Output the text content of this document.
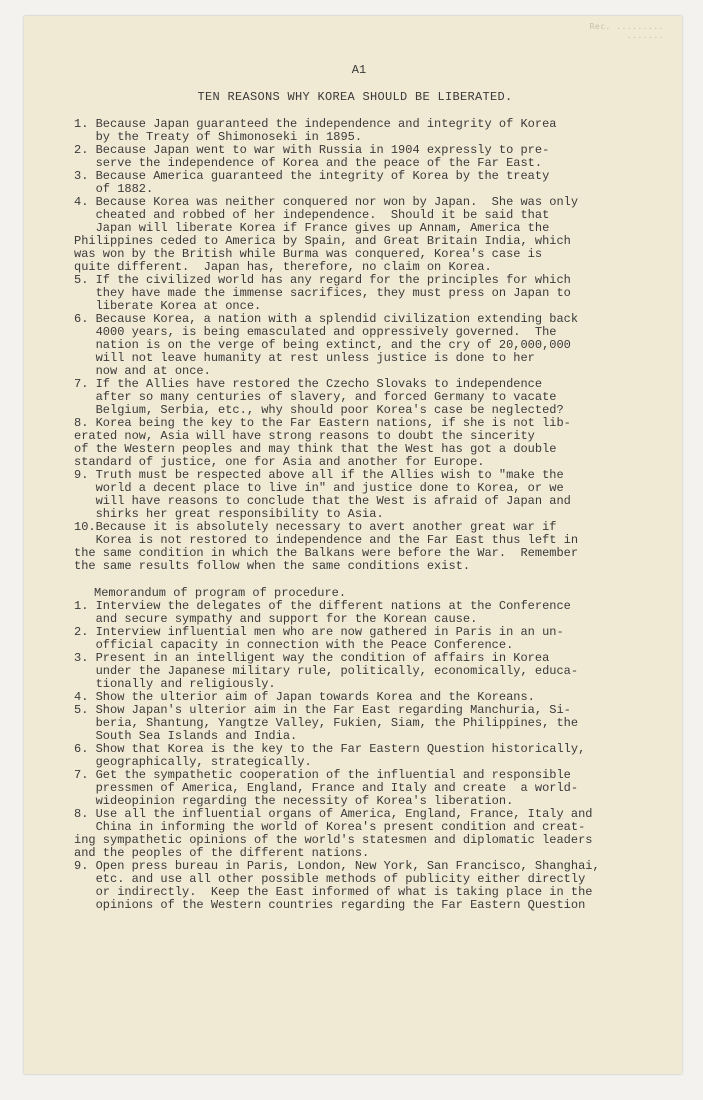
Rec. .........
.......
A1
TEN REASONS WHY KOREA SHOULD BE LIBERATED.
1. Because Japan guaranteed the independence and integrity of Korea
by the Treaty of Shimonoseki in 1895.
2. Because Japan went to war with Russia in 1904 expressly to pre-
serve the independence of Korea and the peace of the Far East.
3. Because America guaranteed the integrity of Korea by the treaty
of 1882.
4. Because Korea was neither conquered nor won by Japan.  She was only
cheated and robbed of her independence.  Should it be said that
Japan will liberate Korea if France gives up Annam, America the
Philippines ceded to America by Spain, and Great Britain India, which
was won by the British while Burma was conquered, Korea's case is
quite different.  Japan has, therefore, no claim on Korea.
5. If the civilized world has any regard for the principles for which
they have made the immense sacrifices, they must press on Japan to
liberate Korea at once.
6. Because Korea, a nation with a splendid civilization extending back
4000 years, is being emasculated and oppressively governed.  The
nation is on the verge of being extinct, and the cry of 20,000,000
will not leave humanity at rest unless justice is done to her
now and at once.
7. If the Allies have restored the Czecho Slovaks to independence
after so many centuries of slavery, and forced Germany to vacate
Belgium, Serbia, etc., why should poor Korea's case be neglected?
8. Korea being the key to the Far Eastern nations, if she is not lib-
erated now, Asia will have strong reasons to doubt the sincerity
of the Western peoples and may think that the West has got a double
standard of justice, one for Asia and another for Europe.
9. Truth must be respected above all if the Allies wish to "make the
world a decent place to live in" and justice done to Korea, or we
will have reasons to conclude that the West is afraid of Japan and
shirks her great responsibility to Asia.
10.Because it is absolutely necessary to avert another great war if
Korea is not restored to independence and the Far East thus left in
the same condition in which the Balkans were before the War.  Remember
the same results follow when the same conditions exist.
Memorandum of program of procedure.
1. Interview the delegates of the different nations at the Conference
and secure sympathy and support for the Korean cause.
2. Interview influential men who are now gathered in Paris in an un-
official capacity in connection with the Peace Conference.
3. Present in an intelligent way the condition of affairs in Korea
under the Japanese military rule, politically, economically, educa-
tionally and religiously.
4. Show the ulterior aim of Japan towards Korea and the Koreans.
5. Show Japan's ulterior aim in the Far East regarding Manchuria, Si-
beria, Shantung, Yangtze Valley, Fukien, Siam, the Philippines, the
South Sea Islands and India.
6. Show that Korea is the key to the Far Eastern Question historically,
geographically, strategically.
7. Get the sympathetic cooperation of the influential and responsible
pressmen of America, England, France and Italy and create  a world-
wideopinion regarding the necessity of Korea's liberation.
8. Use all the influential organs of America, England, France, Italy and
China in informing the world of Korea's present condition and creat-
ing sympathetic opinions of the world's statesmen and diplomatic leaders
and the peoples of the different nations.
9. Open press bureau in Paris, London, New York, San Francisco, Shanghai,
etc. and use all other possible methods of publicity either directly
or indirectly.  Keep the East informed of what is taking place in the
opinions of the Western countries regarding the Far Eastern Question
